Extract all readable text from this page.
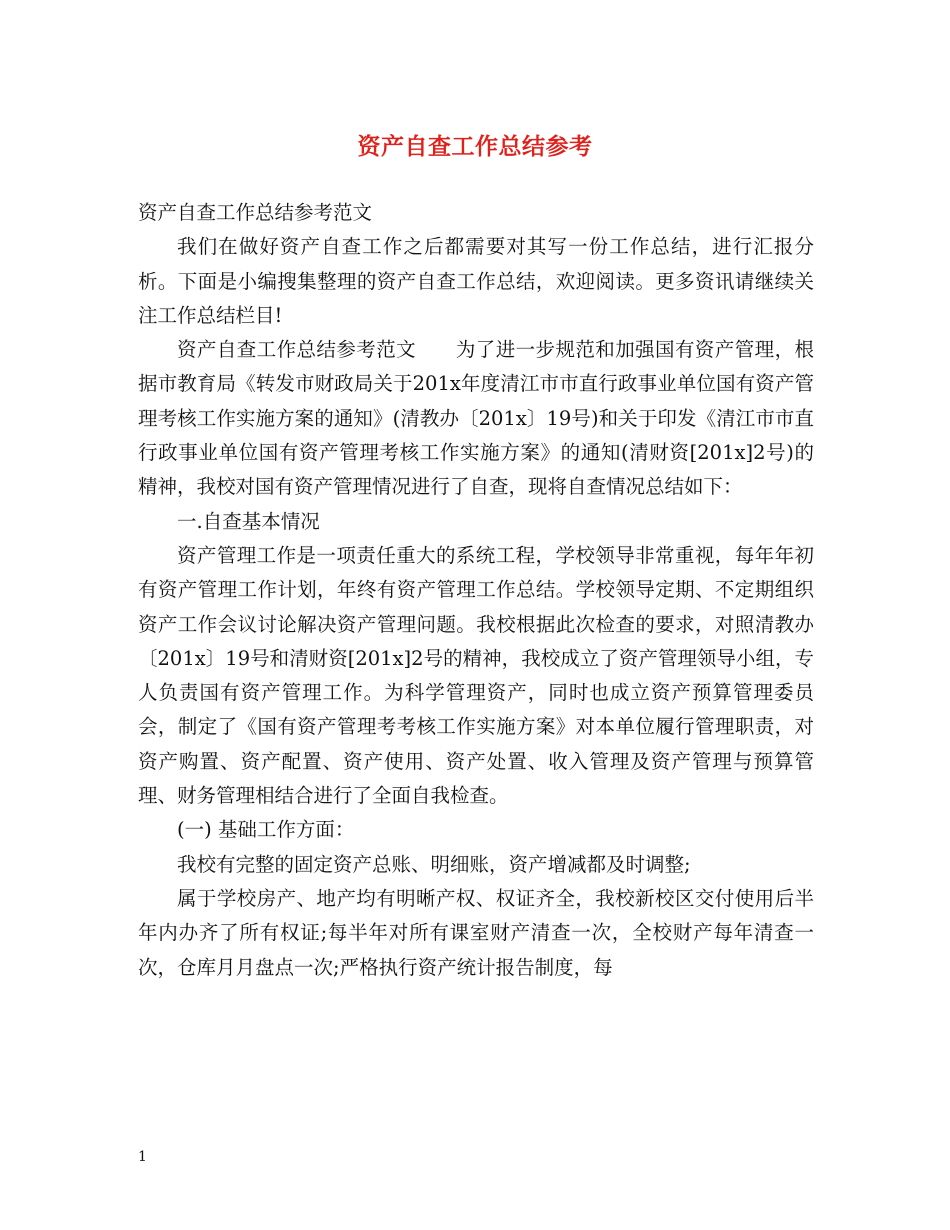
资产自查工作总结参考

资产自查工作总结参考范文

我们在做好资产自查工作之后都需要对其写一份工作总结，进行汇报分析。下面是小编搜集整理的资产自查工作总结，欢迎阅读。更多资讯请继续关注工作总结栏目!

资产自查工作总结参考范文　　为了进一步规范和加强国有资产管理，根据市教育局《转发市财政局关于201x年度清江市市直行政事业单位国有资产管理考核工作实施方案的通知》(清教办〔201x〕19号)和关于印发《清江市市直行政事业单位国有资产管理考核工作实施方案》的通知(清财资[201x]2号)的精神，我校对国有资产管理情况进行了自查，现将自查情况总结如下：

一.自查基本情况

资产管理工作是一项责任重大的系统工程，学校领导非常重视，每年年初有资产管理工作计划，年终有资产管理工作总结。学校领导定期、不定期组织资产工作会议讨论解决资产管理问题。我校根据此次检查的要求，对照清教办〔201x〕19号和清财资[201x]2号的精神，我校成立了资产管理领导小组，专人负责国有资产管理工作。为科学管理资产，同时也成立资产预算管理委员会，制定了《国有资产管理考考核工作实施方案》对本单位履行管理职责，对资产购置、资产配置、资产使用、资产处置、收入管理及资产管理与预算管理、财务管理相结合进行了全面自我检查。

(一) 基础工作方面：

我校有完整的固定资产总账、明细账，资产增减都及时调整;

属于学校房产、地产均有明晰产权、权证齐全，我校新校区交付使用后半年内办齐了所有权证;每半年对所有课室财产清查一次，全校财产每年清查一次，仓库月月盘点一次;严格执行资产统计报告制度，每

1
